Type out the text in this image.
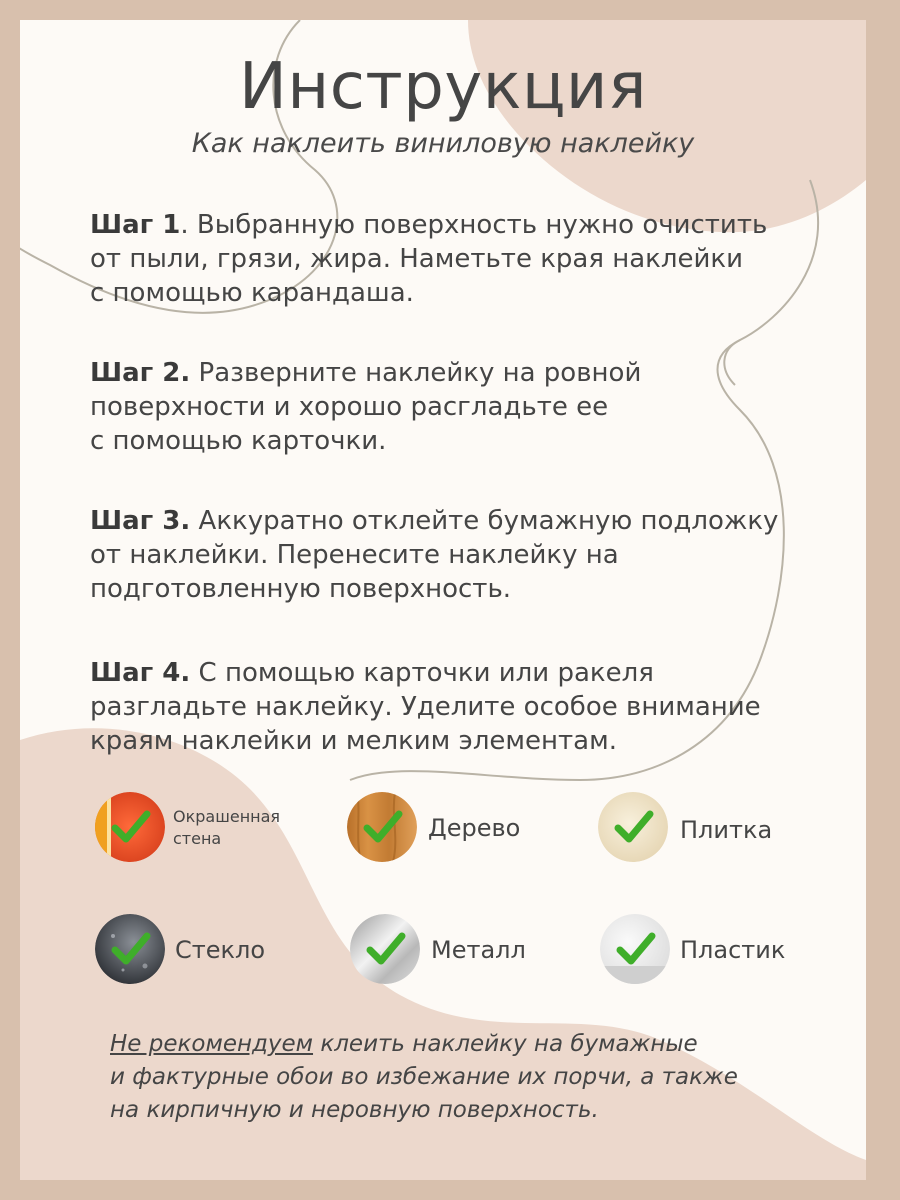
Инструкция
Как наклеить виниловую наклейку
Шаг 1. Выбранную поверхность нужно очистить
от пыли, грязи, жира. Наметьте края наклейки
с помощью карандаша.
Шаг 2. Разверните наклейку на ровной
поверхности и хорошо расгладьте ее
с помощью карточки.
Шаг 3. Аккуратно отклейте бумажную подложку
от наклейки. Перенесите наклейку на
подготовленную поверхность.
Шаг 4. С помощью карточки или ракеля
разгладьте наклейку. Уделите особое внимание
краям наклейки и мелким элементам.
Окрашенная
стена	Дерево	Плитка
Стекло	Металл	Пластик
Не рекомендуем клеить наклейку на бумажные
и фактурные обои во избежание их порчи, а также
на кирпичную и неровную поверхность.
